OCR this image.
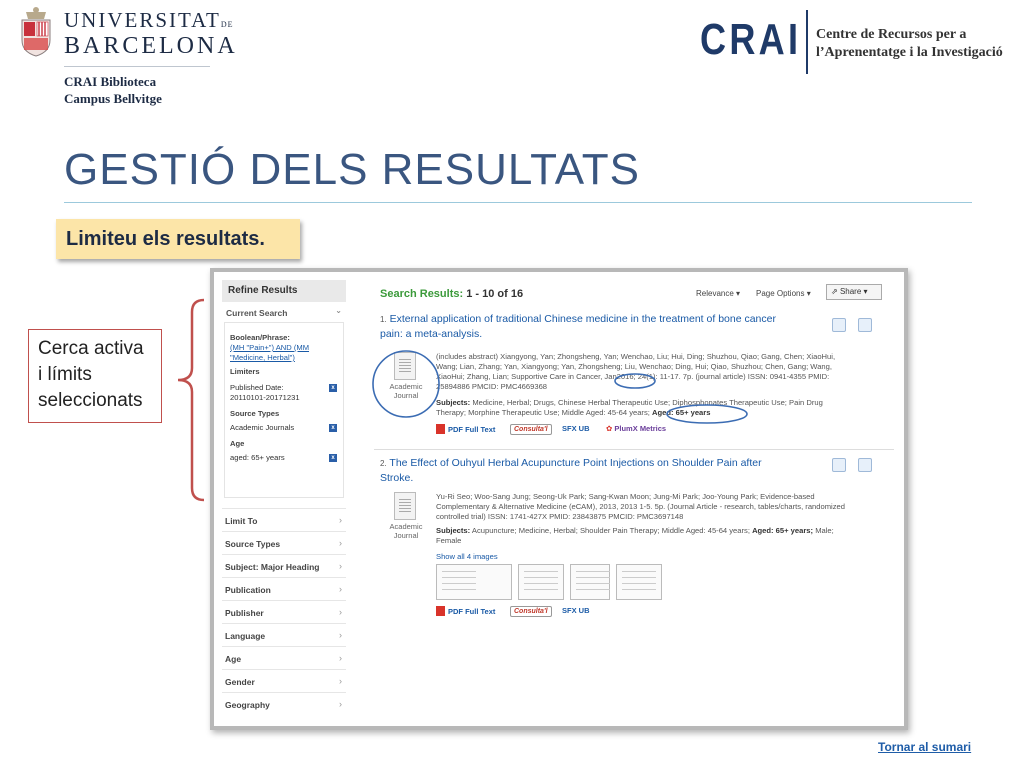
UNIVERSITATDE
BARCELONA
CRAI Biblioteca
Campus Bellvitge
CRAI Centre de Recursos per a
l’Aprenentatge i la Investigació
GESTIÓ DELS RESULTATS
Limiteu els resultats.
Cerca activa
i límits
seleccionats
Refine Results
Current Search	⌄
Boolean/Phrase:
(MH "Pain+") AND (MM
"Medicine, Herbal")
Limiters
Published Date:
20110101-20171231
x
Source Types
Academic Journals	x
Age
aged: 65+ years	x
Limit To	›
Source Types	›
Subject: Major Heading ›
Publication	›
Publisher	›
Language	›
Age	›
Gender	›
Geography	›
Search Results: 1 - 10 of 16	Relevance ▾ Page Options ▾	⇗ Share ▾
1. External application of traditional Chinese medicine in the treatment of bone cancer pain: a meta-analysis.
Academic
Journal
(includes abstract) Xiangyong, Yan; Zhongsheng, Yan; Wenchao, Liu; Hui, Ding; Shuzhou, Qiao; Gang, Chen; XiaoHui, Wang; Lian, Zhang; Yan, Xiangyong; Yan, Zhongsheng; Liu, Wenchao; Ding, Hui; Qiao, Shuzhou; Chen, Gang; Wang, XiaoHui; Zhang, Lian; Supportive Care in Cancer, Jan2016; 24(1): 11-17. 7p. (journal article) ISSN: 0941-4355 PMID: 25894886 PMCID: PMC4669368
Subjects: Medicine, Herbal; Drugs, Chinese Herbal Therapeutic Use; Diphosphonates Therapeutic Use; Pain Drug Therapy; Morphine Therapeutic Use; Middle Aged: 45-64 years; Aged: 65+ years
PDF Full Text	Consulta'l	SFX UB ✿ PlumX Metrics
2. The Effect of Ouhyul Herbal Acupuncture Point Injections on Shoulder Pain after Stroke.
Academic
Journal
Yu-Ri Seo; Woo-Sang Jung; Seong-Uk Park; Sang-Kwan Moon; Jung-Mi Park; Joo-Young Park; Evidence-based Complementary & Alternative Medicine (eCAM), 2013, 2013 1-5. 5p. (Journal Article - research, tables/charts, randomized controlled trial) ISSN: 1741-427X PMID: 23843875 PMCID: PMC3697148
Subjects: Acupuncture; Medicine, Herbal; Shoulder Pain Therapy; Middle Aged: 45-64 years; Aged: 65+ years; Male; Female
Show all 4 images
PDF Full Text	Consulta'l	SFX UB
Tornar al sumari
